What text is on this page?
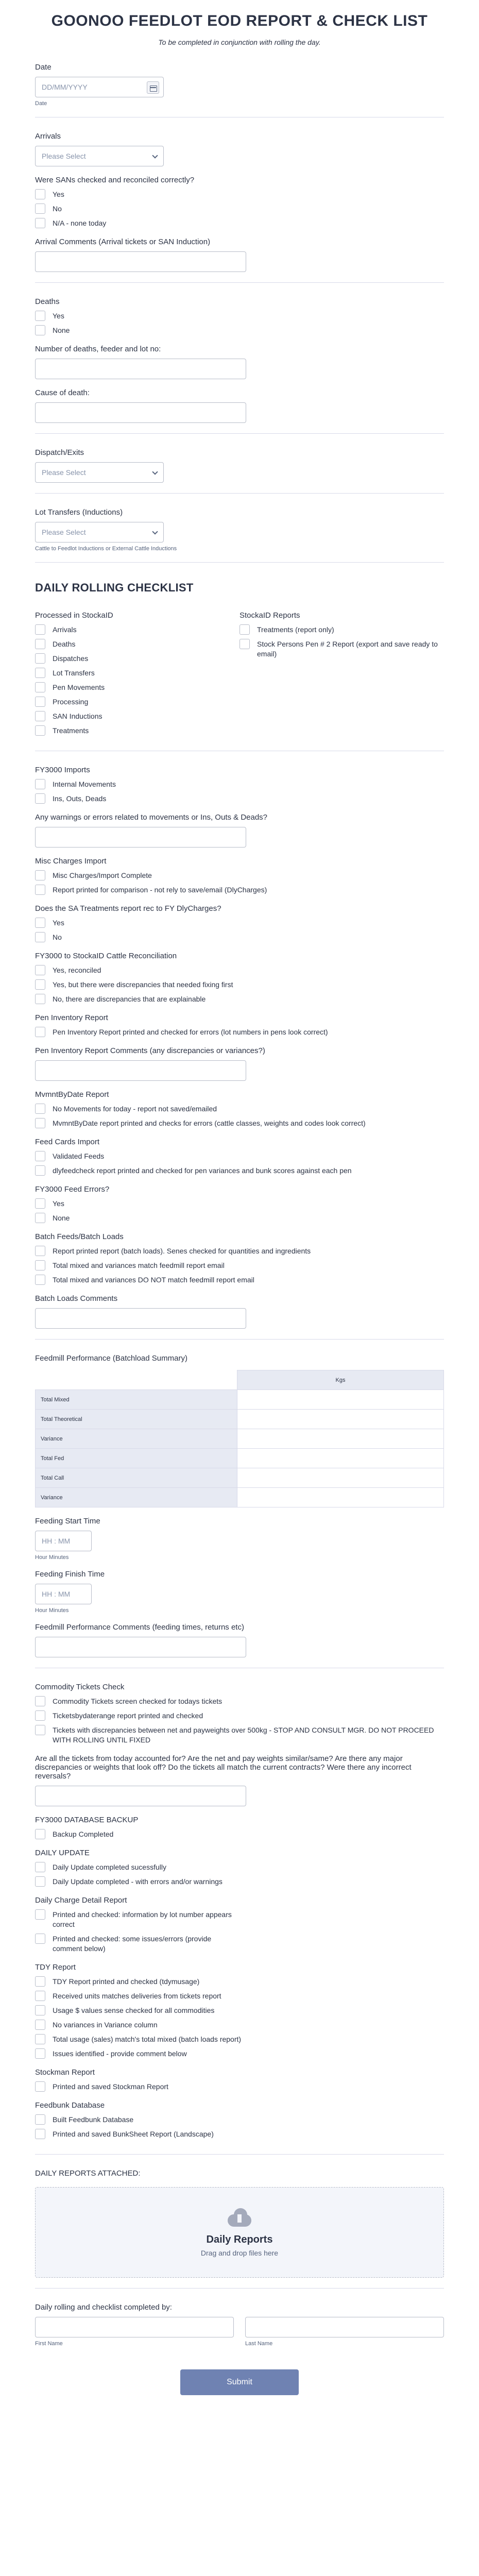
GOONOO FEEDLOT EOD REPORT & CHECK LIST
To be completed in conjunction with rolling the day.
Date
DD/MM/YYYY
Date
Arrivals
Please Select
Were SANs checked and reconciled correctly?
Yes
No
N/A - none today
Arrival Comments (Arrival tickets or SAN Induction)
Deaths
Yes
None
Number of deaths, feeder and lot no:
Cause of death:
Dispatch/Exits
Please Select
Lot Transfers (Inductions)
Please Select
Cattle to Feedlot Inductions or External Cattle Inductions
DAILY ROLLING CHECKLIST
Processed in StockaID
Arrivals
Deaths
Dispatches
Lot Transfers
Pen Movements
Processing
SAN Inductions
Treatments
StockaID Reports
Treatments (report only)
Stock Persons Pen # 2 Report (export and save ready to email)
FY3000 Imports
Internal Movements
Ins, Outs, Deads
Any warnings or errors related to movements or Ins, Outs & Deads?
Misc Charges Import
Misc Charges/Import Complete
Report printed for comparison - not rely to save/email (DlyCharges)
Does the SA Treatments report rec to FY DlyCharges?
Yes
No
FY3000 to StockaID Cattle Reconciliation
Yes, reconciled
Yes, but there were discrepancies that needed fixing first
No, there are discrepancies that are explainable
Pen Inventory Report
Pen Inventory Report printed and checked for errors (lot numbers in pens look correct)
Pen Inventory Report Comments (any discrepancies or variances?)
MvmntByDate Report
No Movements for today - report not saved/emailed
MvmntByDate report printed and checks for errors (cattle classes, weights and codes look correct)
Feed Cards Import
Validated Feeds
dlyfeedcheck report printed and checked for pen variances and bunk scores against each pen
FY3000 Feed Errors?
Yes
None
Batch Feeds/Batch Loads
Report printed report (batch loads). Senes checked for quantities and ingredients
Total mixed and variances match feedmill report email
Total mixed and variances DO NOT match feedmill report email
Batch Loads Comments
Feedmill Performance (Batchload Summary)
	Kgs
Total Mixed	
Total Theoretical	
Variance	
Total Fed	
Total Call	
Variance	
Feeding Start Time
HH : MM
Hour Minutes
Feeding Finish Time
HH : MM
Hour Minutes
Feedmill Performance Comments (feeding times, returns etc)
Commodity Tickets Check
Commodity Tickets screen checked for todays tickets
Ticketsbydaterange report printed and checked
Tickets with discrepancies between net and payweights over 500kg - STOP AND CONSULT MGR. DO NOT PROCEED WITH ROLLING UNTIL FIXED
Are all the tickets from today accounted for? Are the net and pay weights similar/same? Are there any major discrepancies or weights that look off? Do the tickets all match the current contracts? Were there any incorrect reversals?
FY3000 DATABASE BACKUP
Backup Completed
DAILY UPDATE
Daily Update completed sucessfully
Daily Update completed - with errors and/or warnings
Daily Charge Detail Report
Printed and checked: information by lot number appears correct
Printed and checked: some issues/errors (provide comment below)
TDY Report
TDY Report printed and checked (tdymusage)
Received units matches deliveries from tickets report
Usage $ values sense checked for all commodities
No variances in Variance column
Total usage (sales) match's total mixed (batch loads report)
Issues identified - provide comment below
Stockman Report
Printed and saved Stockman Report
Feedbunk Database
Built Feedbunk Database
Printed and saved BunkSheet Report (Landscape)
DAILY REPORTS ATTACHED:
Daily Reports
Drag and drop files here
Daily rolling and checklist completed by:
First Name	Last Name
Submit
